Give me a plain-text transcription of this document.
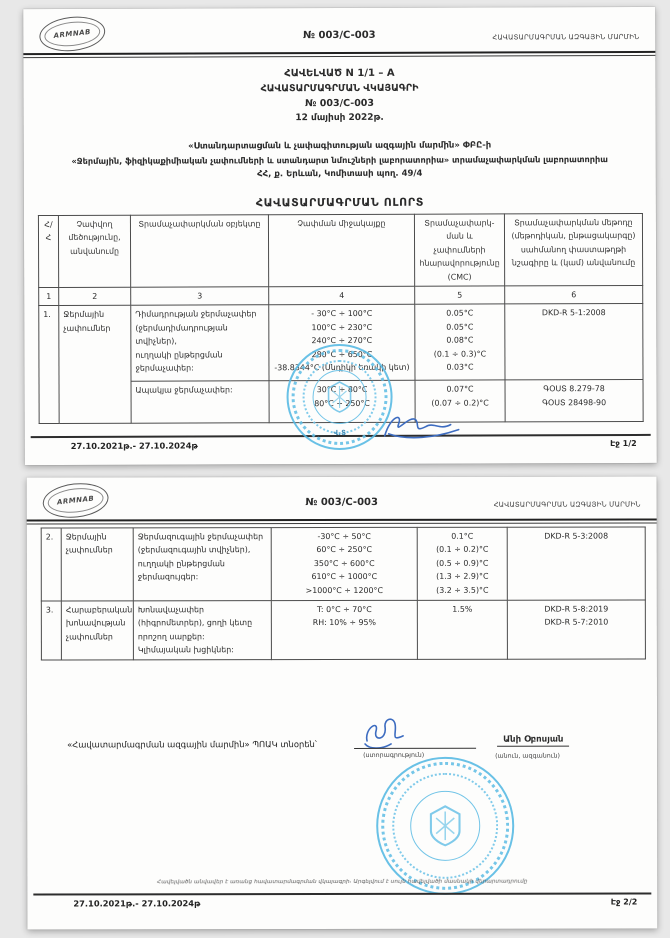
ARMNAB	№ 003/C-003	ՀԱՎԱՏԱՐՄԱԳՐՄԱՆ ԱԶԳԱՅԻՆ ՄԱՐՄԻՆ
ՀԱՎԵԼՎԱԾ N 1/1 – A
ՀԱՎԱՏԱՐՄԱԳՐՄԱՆ ՎԿԱՅԱԳՐԻ
№ 003/C-003
12 մայիսի 2022թ.
«Ստանդարտացման և չափագիտության ազգային մարմին» ՓԲԸ-ի
«Ջերմային, ֆիզիկաքիմիական չափումների և ստանդարտ նմուշների լաբորատորիա» տրամաչափարկման լաբորատորիա
ՀՀ, ք. Երևան, Կոմիտասի պող. 49/4
ՀԱՎԱՏԱՐՄԱԳՐՄԱՆ ՈԼՈՐՏ
Հ/Հ	Չափվող
մեծությունը,
անվանումը	Տրամաչափարկման օբյեկտը	Չափման միջակայքը	Տրամաչափարկ-
ման և չափումների
հնարավորությունը
(CMC)	Տրամաչափարկման մեթոդը
(մեթոդիկան, ընթացակարգը)
սահմանող փաստաթղթի
նշագիրը և (կամ) անվանումը
1	2	3	4	5	6
1.	Ջերմային
չափումներ	Դիմադրության ջերմաչափեր
(ջերմադիմադրության
տվիչներ),
ուղղակի ընթերցման
ջերմաչափեր:	- 30°C ÷ 100°C
100°C ÷ 230°C
240°C ÷ 270°C
280°C ÷ 650°C
-38.8344°C (Սնդիկի եռակի կետ)	0.05°C
0.05°C
0.08°C
(0.1 ÷ 0.3)°C
0.03°C	DKD-R 5-1:2008
		Ապակյա ջերմաչափեր:	30°C ÷ 80°C
80°C ÷ 250°C	0.07°C
(0.07 ÷ 0.2)°C	ԳՕՍՏ 8.279-78
ԳՕՍՏ 28498-90
27.10.2021թ.- 27.10.2024թ	Էջ 1/2
Վ.Տ
ARMNAB	№ 003/C-003	ՀԱՎԱՏԱՐՄԱԳՐՄԱՆ ԱԶԳԱՅԻՆ ՄԱՐՄԻՆ
2.	Ջերմային
չափումներ	Ջերմազուգային ջերմաչափեր
(ջերմազուգային տվիչներ),
ուղղակի ընթերցման
ջերմազույգեր:	-30°C ÷ 50°C
60°C ÷ 250°C
350°C ÷ 600°C
610°C ÷ 1000°C
>1000°C ÷ 1200°C	0.1°C
(0.1 ÷ 0.2)°C
(0.5 ÷ 0.9)°C
(1.3 ÷ 2.9)°C
(3.2 ÷ 3.5)°C	DKD-R 5-3:2008
3.	Հարաբերական
խոնավության
չափումներ	Խոնավաչափեր
(հիգրոմետրեր), ցողի կետը
որոշող սարքեր:
Կլիմայական խցիկներ:	T: 0°C ÷ 70°C
RH: 10% ÷ 95%	1.5%	DKD-R 5-8:2019
DKD-R 5-7:2010
«Հավատարմագրման ազգային մարմին» ՊՈԱԿ տնօրեն՝
(ստորագրություն)
Անի Օբոսյան
(անուն, ազգանուն)
Հավելվածն անվավեր է առանց հավատարմագրման վկայագրի։ Արգելվում է սույն հավելվածի մասնակի վերարտադրումը
27.10.2021թ.- 27.10.2024թ	Էջ 2/2
